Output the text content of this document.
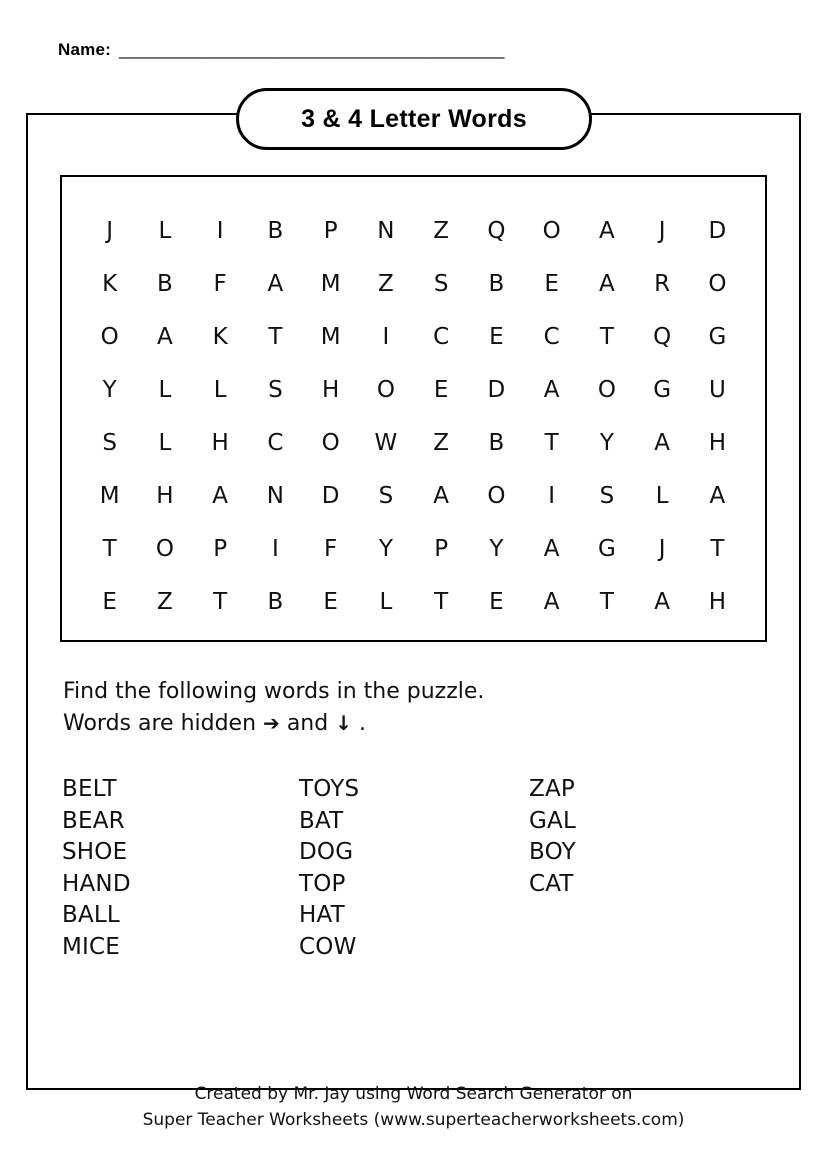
Name: ___________________________________________
3 & 4 Letter Words
J L I B P N Z Q O A J D
K B F A M Z S B E A R O
O A K T M I C E C T Q G
Y L L S H O E D A O G U
S L H C O W Z B T Y A H
M H A N D S A O I S L A
T O P I F Y P Y A G J T
E Z T B E L T E A T A H
Find the following words in the puzzle.
Words are hidden ➔ and ↓ .
BELT
BEAR
SHOE
HAND
BALL
MICE
TOYS
BAT
DOG
TOP
HAT
COW
ZAP
GAL
BOY
CAT
Created by Mr. Jay using Word Search Generator on
Super Teacher Worksheets (www.superteacherworksheets.com)
